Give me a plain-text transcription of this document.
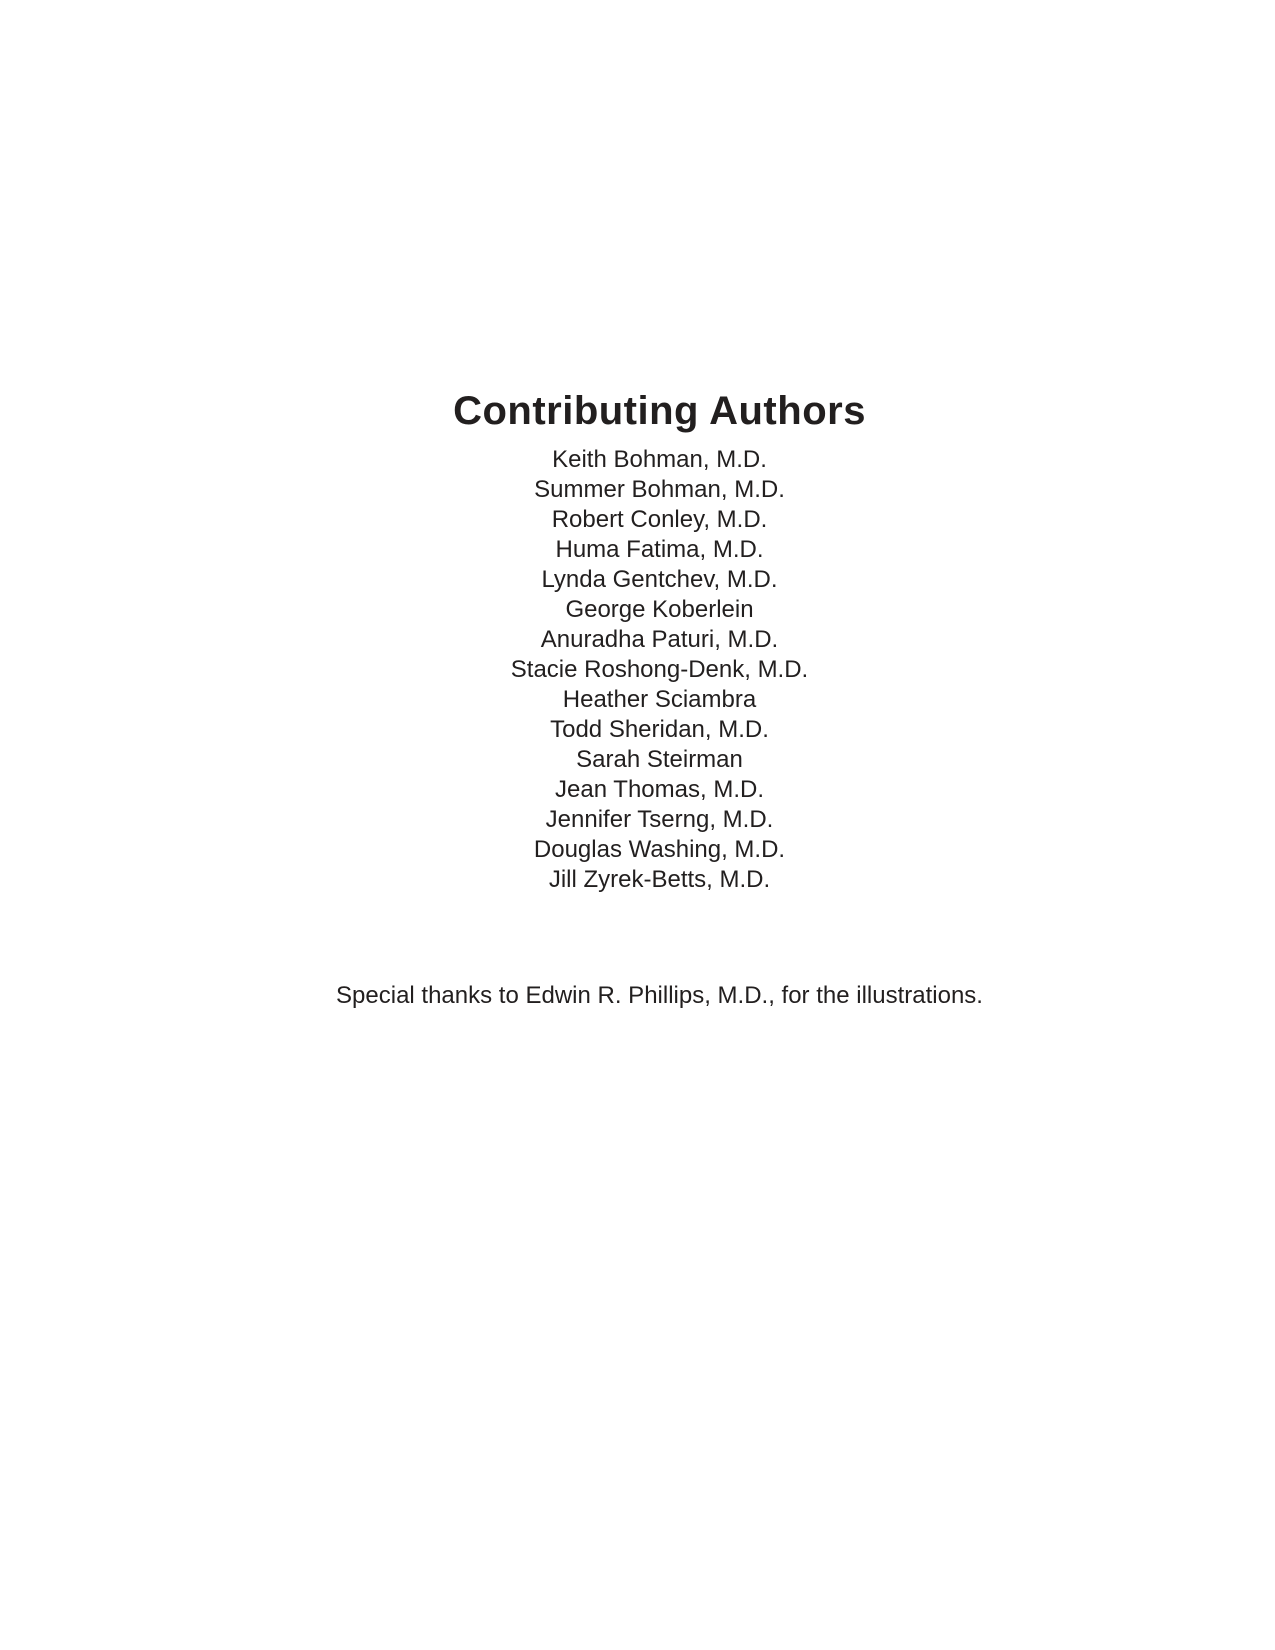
Contributing Authors
Keith Bohman, M.D.
Summer Bohman, M.D.
Robert Conley, M.D.
Huma Fatima, M.D.
Lynda Gentchev, M.D.
George Koberlein
Anuradha Paturi, M.D.
Stacie Roshong-Denk, M.D.
Heather Sciambra
Todd Sheridan, M.D.
Sarah Steirman
Jean Thomas, M.D.
Jennifer Tserng, M.D.
Douglas Washing, M.D.
Jill Zyrek-Betts, M.D.
Special thanks to Edwin R. Phillips, M.D., for the illustrations.
